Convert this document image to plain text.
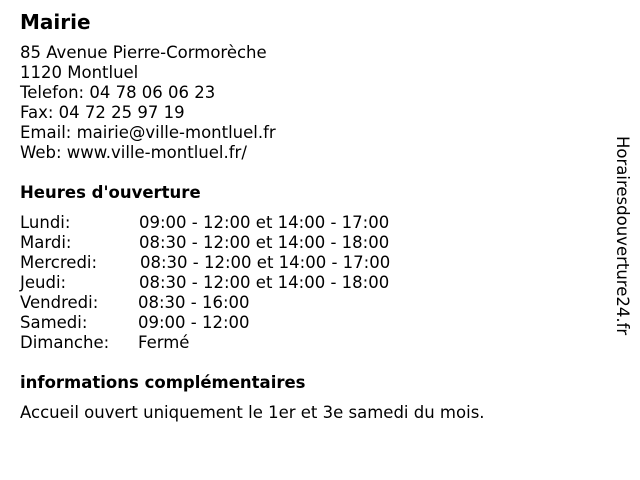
Mairie
85 Avenue Pierre-Cormorèche
1120 Montluel
Telefon: 04 78 06 06 23
Fax: 04 72 25 97 19
Email: mairie@ville-montluel.fr
Web: www.ville-montluel.fr/
Heures d'ouverture
Lundi:	09:00 - 12:00 et 14:00 - 17:00
Mardi:	08:30 - 12:00 et 14:00 - 18:00
Mercredi:	08:30 - 12:00 et 14:00 - 17:00
Jeudi:	08:30 - 12:00 et 14:00 - 18:00
Vendredi: 08:30 - 16:00
Samedi:	09:00 - 12:00
Dimanche: Fermé
informations complémentaires
Accueil ouvert uniquement le 1er et 3e samedi du mois.
Horairesdouverture24.fr
